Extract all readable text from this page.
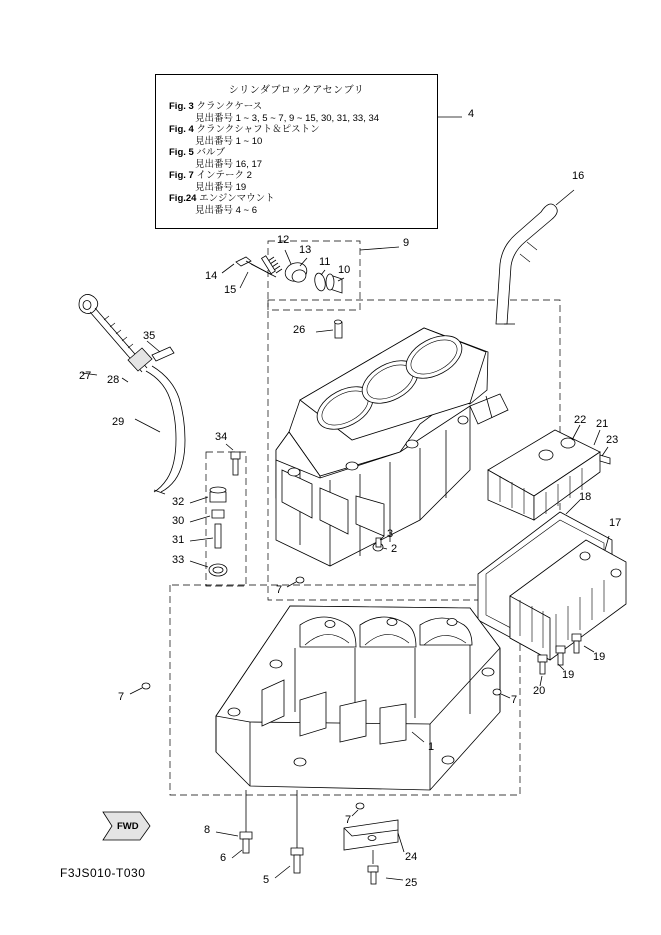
シリンダブロックアセンブリ
Fig. 3 クランクケース
見出番号 1 ~ 3, 5 ~ 7, 9 ~ 15, 30, 31, 33, 34
Fig. 4 クランクシャフト＆ピストン
見出番号 1 ~ 10
Fig. 5 バルブ
見出番号 16, 17
Fig. 7 インテーク 2
見出番号 19
Fig.24 エンジンマウント
見出番号 4 ~ 6
4
16
9
12
13
11
10
14
15
26
35
27 28
29
34
22 21
23
18
17
32
30
31
33
2
3
19
19
20
7
7	7
7
1
8
6
5
24
25
FWD
F3JS010-T030
